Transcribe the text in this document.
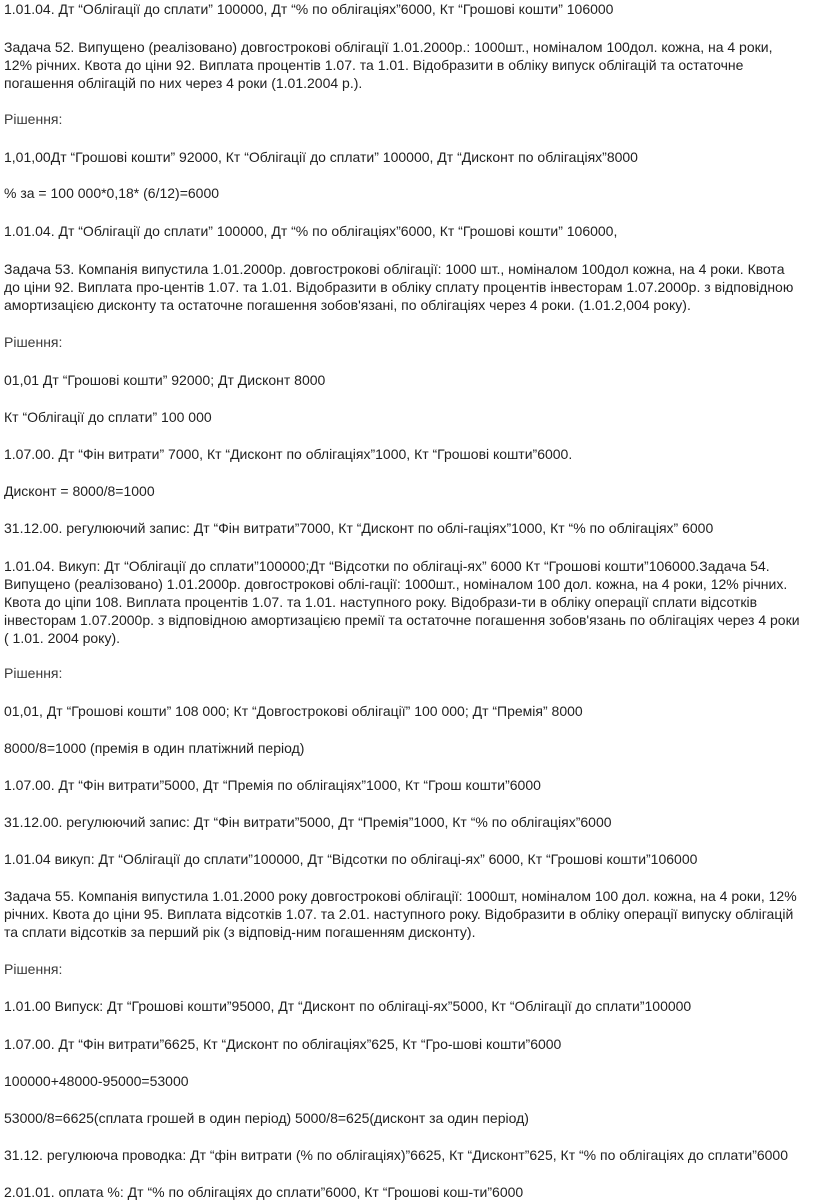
1.01.04. Дт “Облігації до сплати” 100000, Дт “% по облігаціях”6000, Кт “Грошові кошти” 106000

Задача 52. Випущено (реалізовано) довгострокові облігації 1.01.2000р.: 1000шт., номіналом 100дол. кожна, на 4 роки, 12% річних. Квота до ціни 92. Виплата процентів 1.07. та 1.01. Відобразити в обліку випуск облігацій та остаточне погашення облігацій по них через 4 роки (1.01.2004 р.).

Рішення:

1,01,00Дт “Грошові кошти” 92000, Кт “Облігації до сплати” 100000, Дт “Дисконт по облігаціях”8000

% за = 100 000*0,18* (6/12)=6000

1.01.04. Дт “Облігації до сплати” 100000, Дт “% по облігаціях”6000, Кт “Грошові кошти” 106000,

Задача 53. Компанія випустила 1.01.2000р. довгострокові облігації: 1000 шт., номіналом 100дол кожна, на 4 роки. Квота до ціни 92. Виплата про-центів 1.07. та 1.01. Відобразити в обліку сплату процентів інвесторам 1.07.2000р. з відповідною амортизацією дисконту та остаточне погашення зобов'язані, по облігаціях через 4 роки. (1.01.2,004 року).

Рішення:

01,01 Дт “Грошові кошти” 92000; Дт Дисконт 8000

Кт “Облігації до сплати” 100 000

1.07.00. Дт “Фін витрати” 7000, Кт “Дисконт по облігаціях”1000, Кт “Грошові кошти”6000.

Дисконт = 8000/8=1000

31.12.00. регулюючий запис: Дт “Фін витрати”7000, Кт “Дисконт по облі-гаціях”1000, Кт “% по облігаціях” 6000

1.01.04. Викуп: Дт “Облігації до сплати”100000;Дт “Відсотки по облігаці-ях” 6000 Кт “Грошові кошти”106000.Задача 54. Випущено (реалізовано) 1.01.2000р. довгострокові облі-гації: 1000шт., номіналом 100 дол. кожна, на 4 роки, 12% річних. Квота до ціпи 108. Виплата процентів 1.07. та 1.01. наступного року. Відобрази-ти в обліку операції сплати відсотків інвесторам 1.07.2000р. з відповідною амортизацією премії та остаточне погашення зобов'язань по облігаціях через 4 роки ( 1.01. 2004 року).

Рішення:

01,01, Дт “Грошові кошти” 108 000; Кт “Довгострокові облігації” 100 000; Дт “Премія” 8000

8000/8=1000 (премія в один платіжний період)

1.07.00. Дт “Фін витрати”5000, Дт “Премія по облігаціях”1000, Кт “Грош кошти”6000

31.12.00. регулюючий запис: Дт “Фін витрати”5000, Дт “Премія”1000, Кт “% по облігаціях”6000

1.01.04 викуп: Дт “Облігації до сплати”100000, Дт “Відсотки по облігаці-ях” 6000, Кт “Грошові кошти”106000

Задача 55. Компанія випустила 1.01.2000 року довгострокові облігації: 1000шт, номіналом 100 дол. кожна, на 4 роки, 12% річних. Квота до ціни 95. Виплата відсотків 1.07. та 2.01. наступного року. Відобразити в обліку операції випуску облігацій та сплати відсотків за перший рік (з відповід-ним погашенням дисконту).

Рішення:

1.01.00 Випуск: Дт “Грошові кошти”95000, Дт “Дисконт по облігаці-ях”5000, Кт “Облігації до сплати”100000

1.07.00. Дт “Фін витрати”6625, Кт “Дисконт по облігаціях”625, Кт “Гро-шові кошти”6000

100000+48000-95000=53000

53000/8=6625(сплата грошей в один період) 5000/8=625(дисконт за один період)

31.12. регулююча проводка: Дт “фін витрати (% по облігаціях)”6625, Кт “Дисконт”625, Кт “% по облігаціях до сплати”6000

2.01.01. оплата %: Дт “% по облігаціях до сплати”6000, Кт “Грошові кош-ти”6000
